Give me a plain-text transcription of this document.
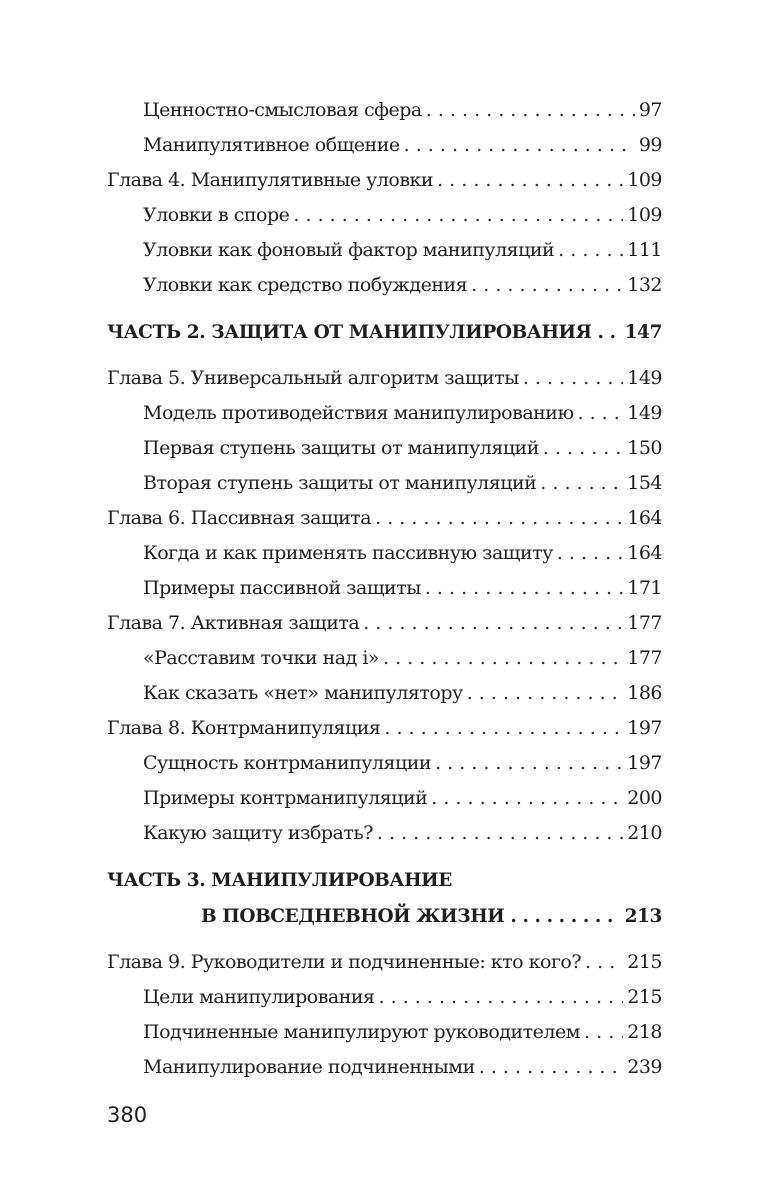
Ценностно-смысловая сфера . . .	97
Манипулятивное общение . . .	99
Глава 4. Манипулятивные уловки . . .	109
Уловки в споре . . .	109
Уловки как фоновый фактор манипуляций . . .	111
Уловки как средство побуждения . . .	132
ЧАСТЬ 2. ЗАЩИТА ОТ МАНИПУЛИРОВАНИЯ . . . 147
Глава 5. Универсальный алгоритм защиты . . .	149
Модель противодействия манипулированию . . .	149
Первая ступень защиты от манипуляций . . .	150
Вторая ступень защиты от манипуляций . . .	154
Глава 6. Пассивная защита . . .	164
Когда и как применять пассивную защиту . . .	164
Примеры пассивной защиты . . .	171
Глава 7. Активная защита . . .	177
«Расставим точки над i» . . .	177
Как сказать «нет» манипулятору . . .	186
Глава 8. Контрманипуляция . . .	197
Сущность контрманипуляции . . .	197
Примеры контрманипуляций . . .	200
Какую защиту избрать? . . .	210
ЧАСТЬ 3. МАНИПУЛИРОВАНИЕ
В ПОВСЕДНЕВНОЙ ЖИЗНИ . . .	213
Глава 9. Руководители и подчиненные: кто кого? . . . 215
Цели манипулирования . . .	215
Подчиненные манипулируют руководителем . . . 218
Манипулирование подчиненными . . .	239
380
